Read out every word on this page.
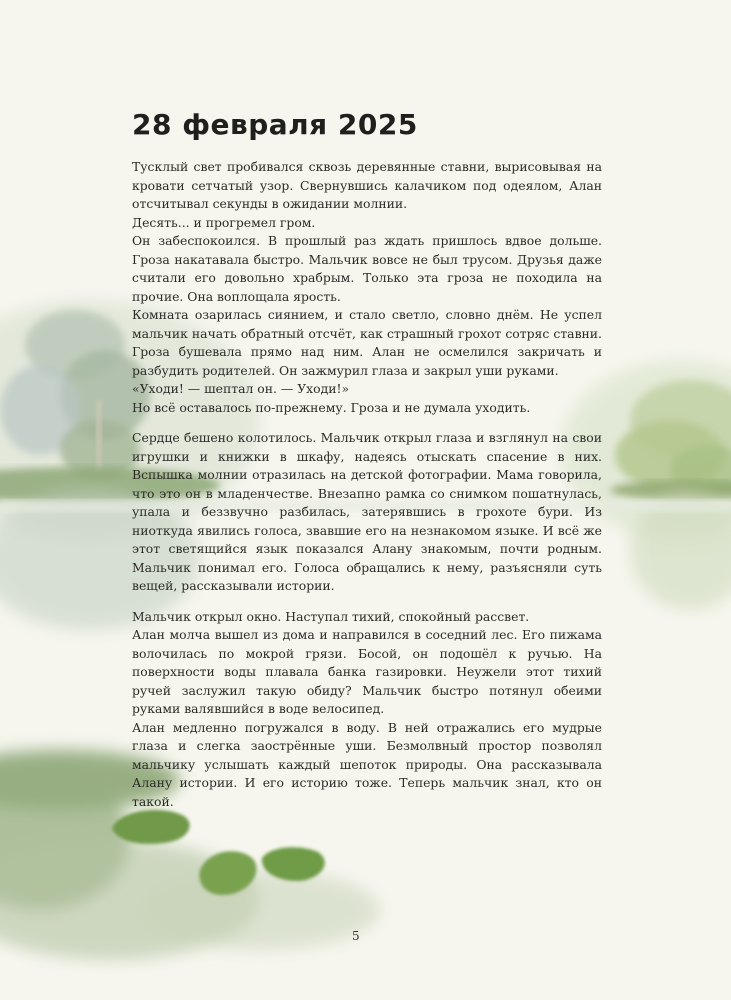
28 февраля 2025

Тусклый свет пробивался сквозь деревянные ставни, вырисовывая на кровати сетчатый узор. Свернувшись калачиком под одеялом, Алан отсчитывал секунды в ожидании молнии.
Десять... и прогремел гром.
Он забеспокоился. В прошлый раз ждать пришлось вдвое дольше. Гроза накатавала быстро. Мальчик вовсе не был трусом. Друзья даже считали его довольно храбрым. Только эта гроза не походила на прочие. Она воплощала ярость.
Комната озарилась сиянием, и стало светло, словно днём. Не успел мальчик начать обратный отсчёт, как страшный грохот сотряс ставни. Гроза бушевала прямо над ним. Алан не осмелился закричать и разбудить родителей. Он зажмурил глаза и закрыл уши руками.
«Уходи! — шептал он. — Уходи!»
Но всё оставалось по-прежнему. Гроза и не думала уходить.

Сердце бешено колотилось. Мальчик открыл глаза и взглянул на свои игрушки и книжки в шкафу, надеясь отыскать спасение в них. Вспышка молнии отразилась на детской фотографии. Мама говорила, что это он в младенчестве. Внезапно рамка со снимком пошатнулась, упала и беззвучно разбилась, затерявшись в грохоте бури. Из ниоткуда явились голоса, звавшие его на незнакомом языке. И всё же этот светящийся язык показался Алану знакомым, почти родным. Мальчик понимал его. Голоса обращались к нему, разъясняли суть вещей, рассказывали истории.

Мальчик открыл окно. Наступал тихий, спокойный рассвет.
Алан молча вышел из дома и направился в соседний лес. Его пижама волочилась по мокрой грязи. Босой, он подошёл к ручью. На поверхности воды плавала банка газировки. Неужели этот тихий ручей заслужил такую обиду? Мальчик быстро потянул обеими руками валявшийся в воде велосипед.
Алан медленно погружался в воду. В ней отражались его мудрые глаза и слегка заострённые уши. Безмолвный простор позволял мальчику услышать каждый шепоток природы. Она рассказывала Алану истории. И его историю тоже. Теперь мальчик знал, кто он такой.

5
